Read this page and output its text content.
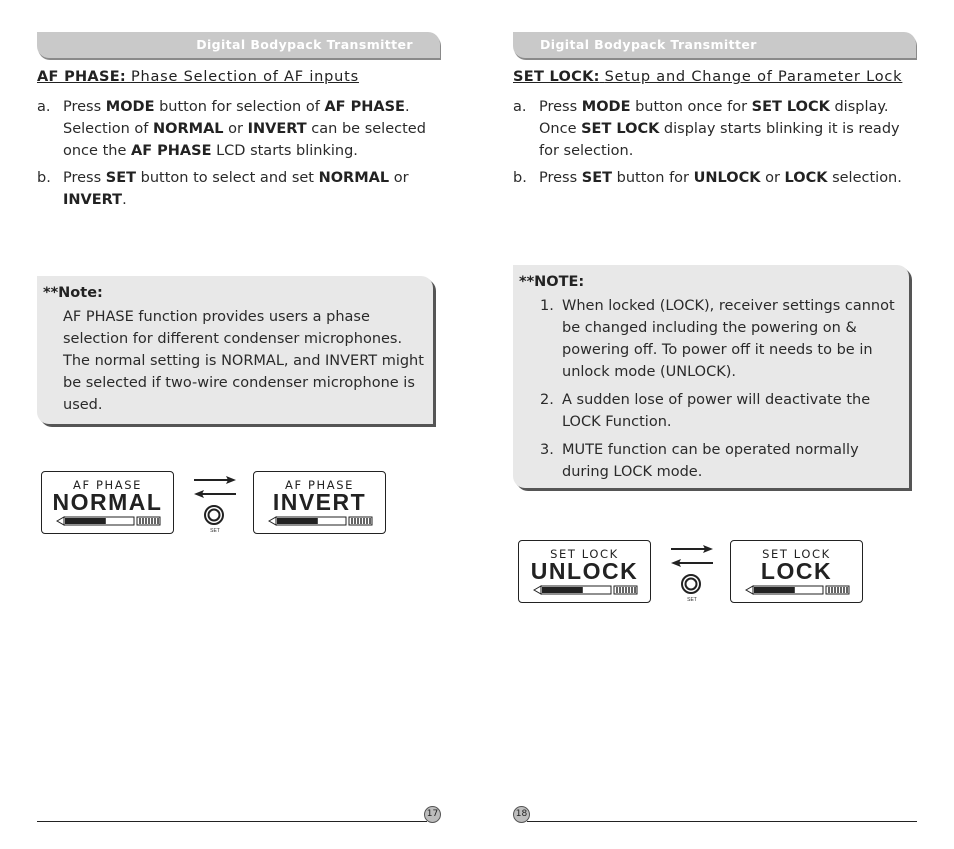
Digital Bodypack Transmitter
AF PHASE: Phase Selection of AF inputs
a. Press MODE button for selection of AF PHASE. Selection of NORMAL or INVERT can be selected once the AF PHASE LCD starts blinking.
b. Press SET button to select and set NORMAL or INVERT.
**Note:
AF PHASE function provides users a phase selection for different condenser microphones. The normal setting is NORMAL, and INVERT might be selected if two-wire condenser microphone is used.
AF PHASE
NORMAL
SET
AF PHASE
INVERT
17
Digital Bodypack Transmitter
SET LOCK: Setup and Change of Parameter Lock
a. Press MODE button once for SET LOCK display. Once SET LOCK display starts blinking it is ready for selection.
b. Press SET button for UNLOCK or LOCK selection.
**NOTE:
1. When locked (LOCK), receiver settings cannot be changed including the powering on & powering off. To power off it needs to be in unlock mode (UNLOCK).
2. A sudden lose of power will deactivate the LOCK Function.
3. MUTE function can be operated normally during LOCK mode.
SET LOCK
UNLOCK
SET
SET LOCK
LOCK
18
